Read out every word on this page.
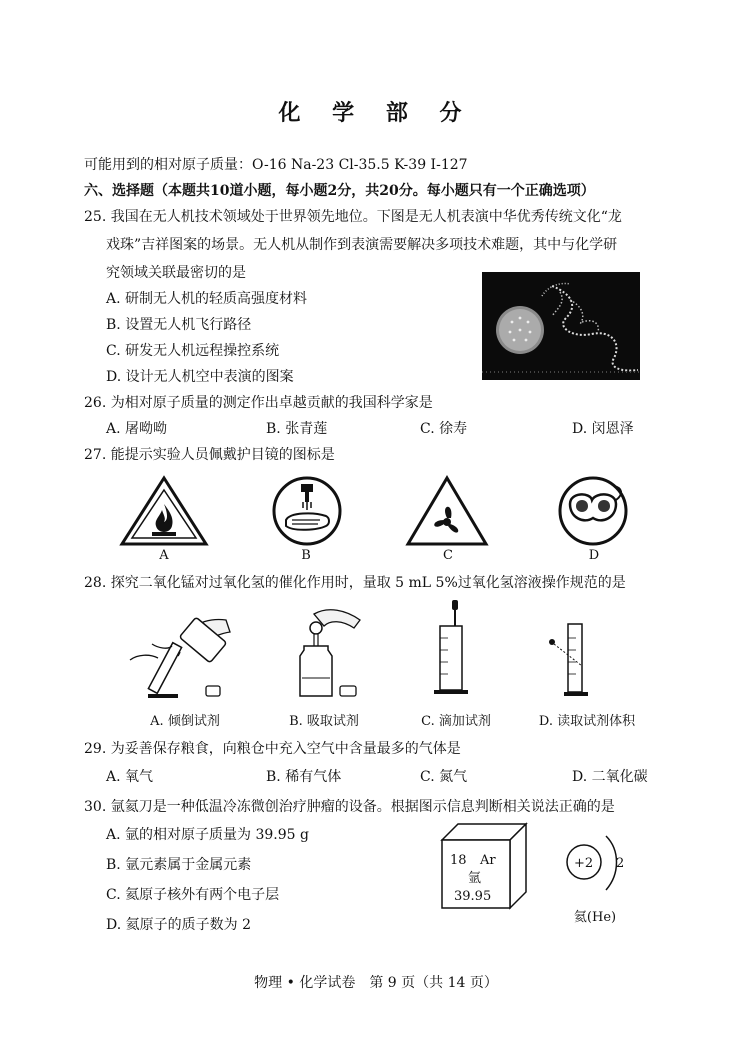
化 学 部 分
可能用到的相对原子质量：O-16 Na-23 Cl-35.5 K-39 I-127
六、选择题（本题共10道小题，每小题2分，共20分。每小题只有一个正确选项）
25. 我国在无人机技术领域处于世界领先地位。下图是无人机表演中华优秀传统文化“龙
戏珠”吉祥图案的场景。无人机从制作到表演需要解决多项技术难题，其中与化学研
究领域关联最密切的是
A. 研制无人机的轻质高强度材料
B. 设置无人机飞行路径
C. 研发无人机远程操控系统
D. 设计无人机空中表演的图案
26. 为相对原子质量的测定作出卓越贡献的我国科学家是
A. 屠呦呦	B. 张青莲	C. 徐寿	D. 闵恩泽
27. 能提示实验人员佩戴护目镜的图标是
A	B	C	D
28. 探究二氧化锰对过氧化氢的催化作用时，量取 5 mL 5%过氧化氢溶液操作规范的是
A. 倾倒试剂	B. 吸取试剂	C. 滴加试剂	D. 读取试剂体积
29. 为妥善保存粮食，向粮仓中充入空气中含量最多的气体是
A. 氧气	B. 稀有气体	C. 氮气	D. 二氧化碳
30. 氩氦刀是一种低温冷冻微创治疗肿瘤的设备。根据图示信息判断相关说法正确的是
A. 氩的相对原子质量为 39.95 g
B. 氩元素属于金属元素
C. 氦原子核外有两个电子层
D. 氦原子的质子数为 2
18 Ar
氩
39.95
+2 2
氦(He)
物理 • 化学试卷　第 9 页（共 14 页）
